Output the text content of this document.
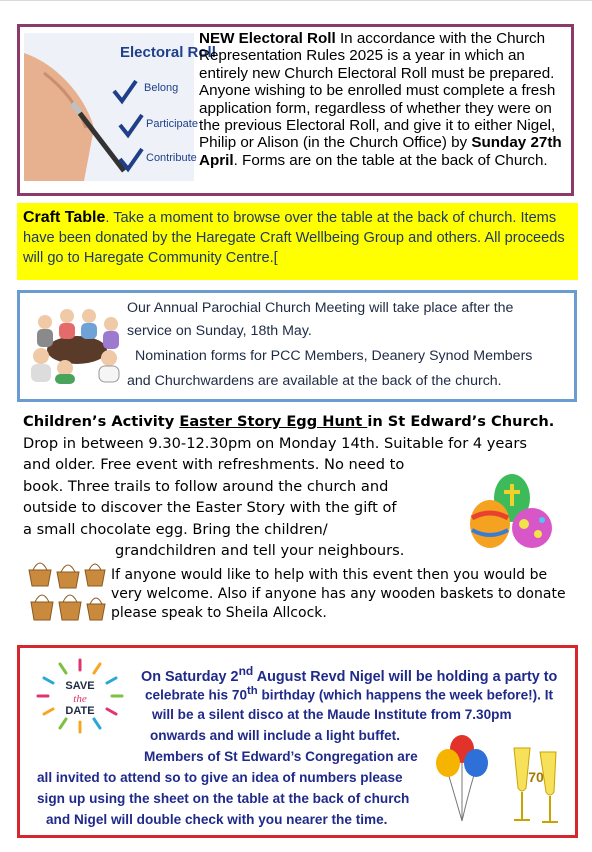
Electoral Roll
Belong
Participate
Contribute
NEW Electoral Roll In accordance with the Church Representation Rules 2025 is a year in which an entirely new Church Electoral Roll must be prepared. Anyone wishing to be enrolled must complete a fresh application form, regardless of whether they were on the previous Electoral Roll, and give it to either Nigel, Philip or Alison (in the Church Office) by Sunday 27th April. Forms are on the table at the back of Church.
Craft Table. Take a moment to browse over the table at the back of church. Items have been donated by the Haregate Craft Wellbeing Group and others. All proceeds will go to Haregate Community Centre.[
Our Annual Parochial Church Meeting will take place after the
service on Sunday, 18th May.
Nomination forms for PCC Members, Deanery Synod Members
and Churchwardens are available at the back of the church.
Children’s Activity Easter Story Egg Hunt in St Edward’s Church.
Drop in between 9.30-12.30pm on Monday 14th. Suitable for 4 years
and older. Free event with refreshments. No need to
book. Three trails to follow around the church and
outside to discover the Easter Story with the gift of
a small chocolate egg. Bring the children/
grandchildren and tell your neighbours.
If anyone would like to help with this event then you would be
very welcome. Also if anyone has any wooden baskets to donate
please speak to Sheila Allcock.
SAVE
the
DATE
On Saturday 2nd August Revd Nigel will be holding a party to
celebrate his 70th birthday (which happens the week before!). It
will be a silent disco at the Maude Institute from 7.30pm
onwards and will include a light buffet.
Members of St Edward’s Congregation are
all invited to attend so to give an idea of numbers please
sign up using the sheet on the table at the back of church
and Nigel will double check with you nearer the time.
70
